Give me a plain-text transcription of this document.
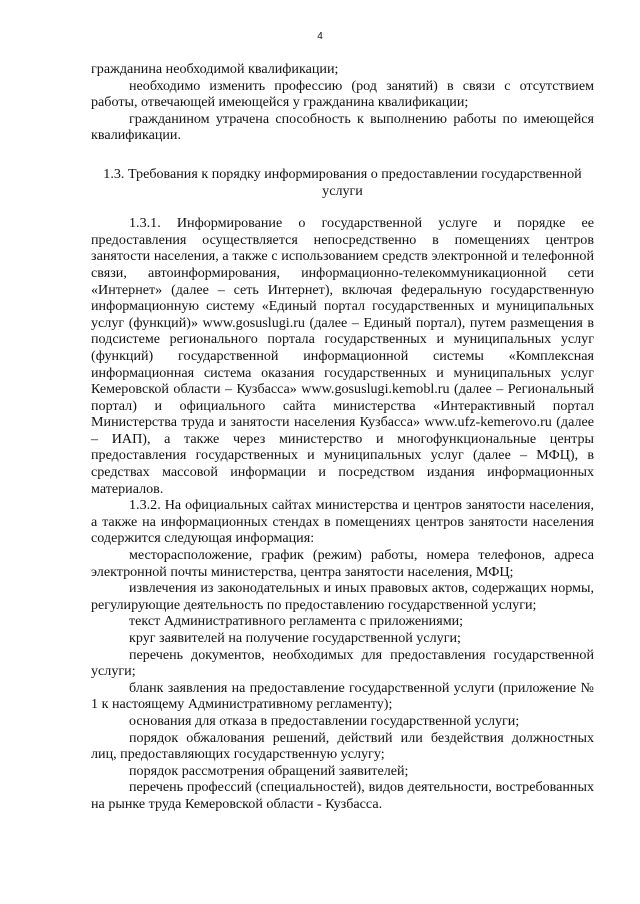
4

гражданина необходимой квалификации;

необходимо изменить профессию (род занятий) в связи с отсутствием работы, отвечающей имеющейся у гражданина квалификации;

гражданином утрачена способность к выполнению работы по имеющейся квалификации.

1.3. Требования к порядку информирования о предоставлении государственной услуги

1.3.1. Информирование о государственной услуге и порядке ее предоставления осуществляется непосредственно в помещениях центров занятости населения, а также с использованием средств электронной и телефонной связи, автоинформирования, информационно-телекоммуникационной сети «Интернет» (далее – сеть Интернет), включая федеральную государственную информационную систему «Единый портал государственных и муниципальных услуг (функций)» www.gosuslugi.ru (далее – Единый портал), путем размещения в подсистеме регионального портала государственных и муниципальных услуг (функций) государственной информационной системы «Комплексная информационная система оказания государственных и муниципальных услуг Кемеровской области – Кузбасса» www.gosuslugi.kemobl.ru (далее – Региональный портал) и официального сайта министерства «Интерактивный портал Министерства труда и занятости населения Кузбасса» www.ufz-kemerovo.ru (далее – ИАП), а также через министерство и многофункциональные центры предоставления государственных и муниципальных услуг (далее – МФЦ), в средствах массовой информации и посредством издания информационных материалов.

1.3.2. На официальных сайтах министерства и центров занятости населения, а также на информационных стендах в помещениях центров занятости населения содержится следующая информация:

месторасположение, график (режим) работы, номера телефонов, адреса электронной почты министерства, центра занятости населения, МФЦ;

извлечения из законодательных и иных правовых актов, содержащих нормы, регулирующие деятельность по предоставлению государственной услуги;

текст Административного регламента с приложениями;

круг заявителей на получение государственной услуги;

перечень документов, необходимых для предоставления государственной услуги;

бланк заявления на предоставление государственной услуги (приложение № 1 к настоящему Административному регламенту);

основания для отказа в предоставлении государственной услуги;

порядок обжалования решений, действий или бездействия должностных лиц, предоставляющих государственную услугу;

порядок рассмотрения обращений заявителей;

перечень профессий (специальностей), видов деятельности, востребованных на рынке труда Кемеровской области - Кузбасса.
